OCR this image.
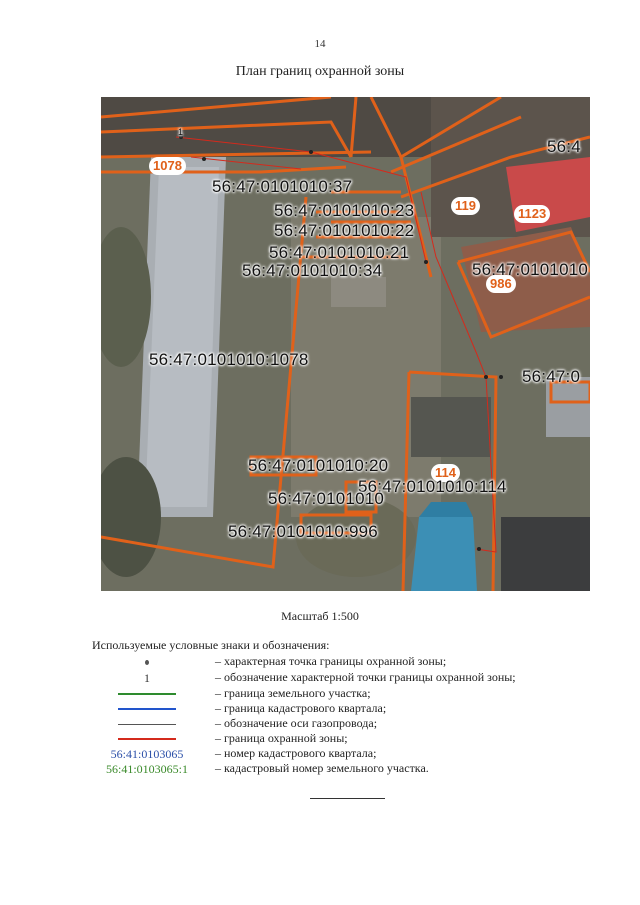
14
План границ охранной зоны
1078
119
1123
986
114
56:47:0101010:37
56:47:0101010:23
56:47:0101010:22
56:47:0101010:21
56:47:0101010:34
56:47:0101010:1078
56:47:0101010
56:47:0
56:47:0101010:20
56:47:0101010:114
56:47:0101010
56:47:0101010:996
56:4
1
Масштаб 1:500
Используемые условные знаки и обозначения:
– характерная точка границы охранной зоны;
1	– обозначение характерной точки границы охранной зоны;
– граница земельного участка;
– граница кадастрового квартала;
– обозначение оси газопровода;
– граница охранной зоны;
56:41:0103065	– номер кадастрового квартала;
56:41:0103065:1 – кадастровый номер земельного участка.
